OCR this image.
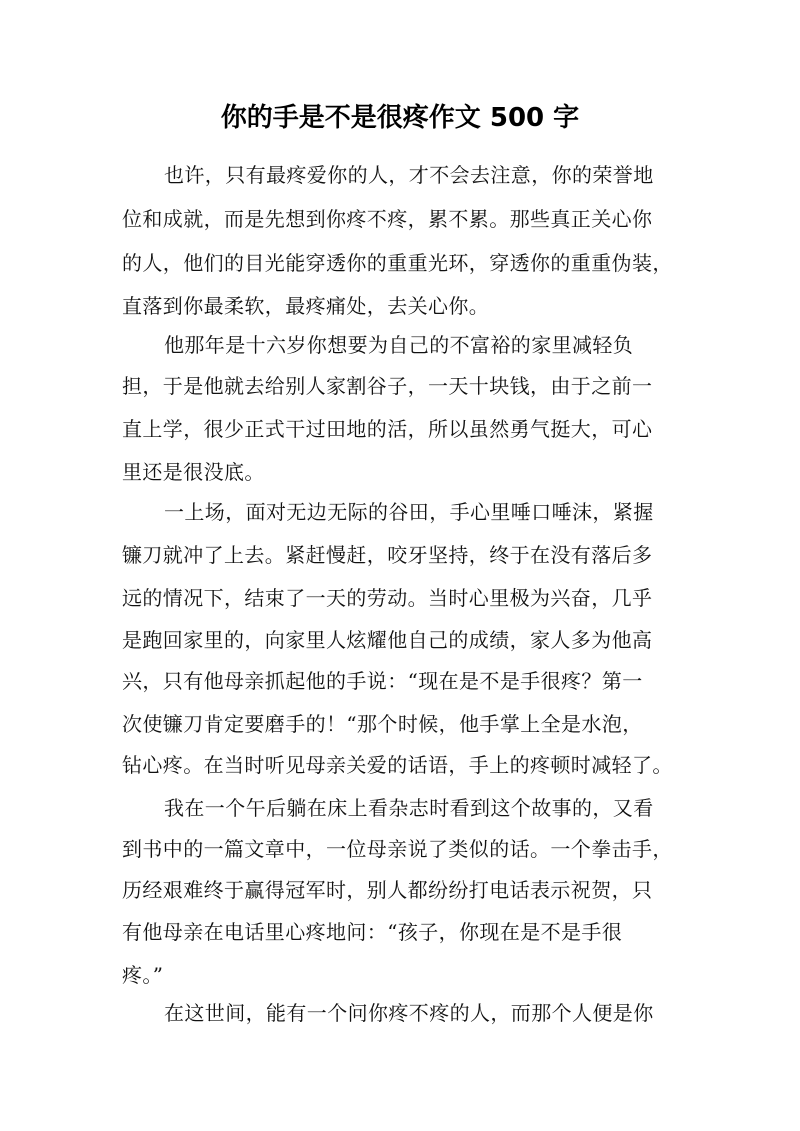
你的手是不是很疼作文 500 字
也许，只有最疼爱你的人，才不会去注意，你的荣誉地
位和成就，而是先想到你疼不疼，累不累。那些真正关心你
的人，他们的目光能穿透你的重重光环，穿透你的重重伪装，
直落到你最柔软，最疼痛处，去关心你。
他那年是十六岁你想要为自己的不富裕的家里减轻负
担，于是他就去给别人家割谷子，一天十块钱，由于之前一
直上学，很少正式干过田地的活，所以虽然勇气挺大，可心
里还是很没底。
一上场，面对无边无际的谷田，手心里唾口唾沫，紧握
镰刀就冲了上去。紧赶慢赶，咬牙坚持，终于在没有落后多
远的情况下，结束了一天的劳动。当时心里极为兴奋，几乎
是跑回家里的，向家里人炫耀他自己的成绩，家人多为他高
兴，只有他母亲抓起他的手说：“现在是不是手很疼？第一
次使镰刀肯定要磨手的！“那个时候，他手掌上全是水泡，
钻心疼。在当时听见母亲关爱的话语，手上的疼顿时减轻了。
我在一个午后躺在床上看杂志时看到这个故事的，又看
到书中的一篇文章中，一位母亲说了类似的话。一个拳击手，
历经艰难终于赢得冠军时，别人都纷纷打电话表示祝贺，只
有他母亲在电话里心疼地问：“孩子，你现在是不是手很
疼。”
在这世间，能有一个问你疼不疼的人，而那个人便是你
